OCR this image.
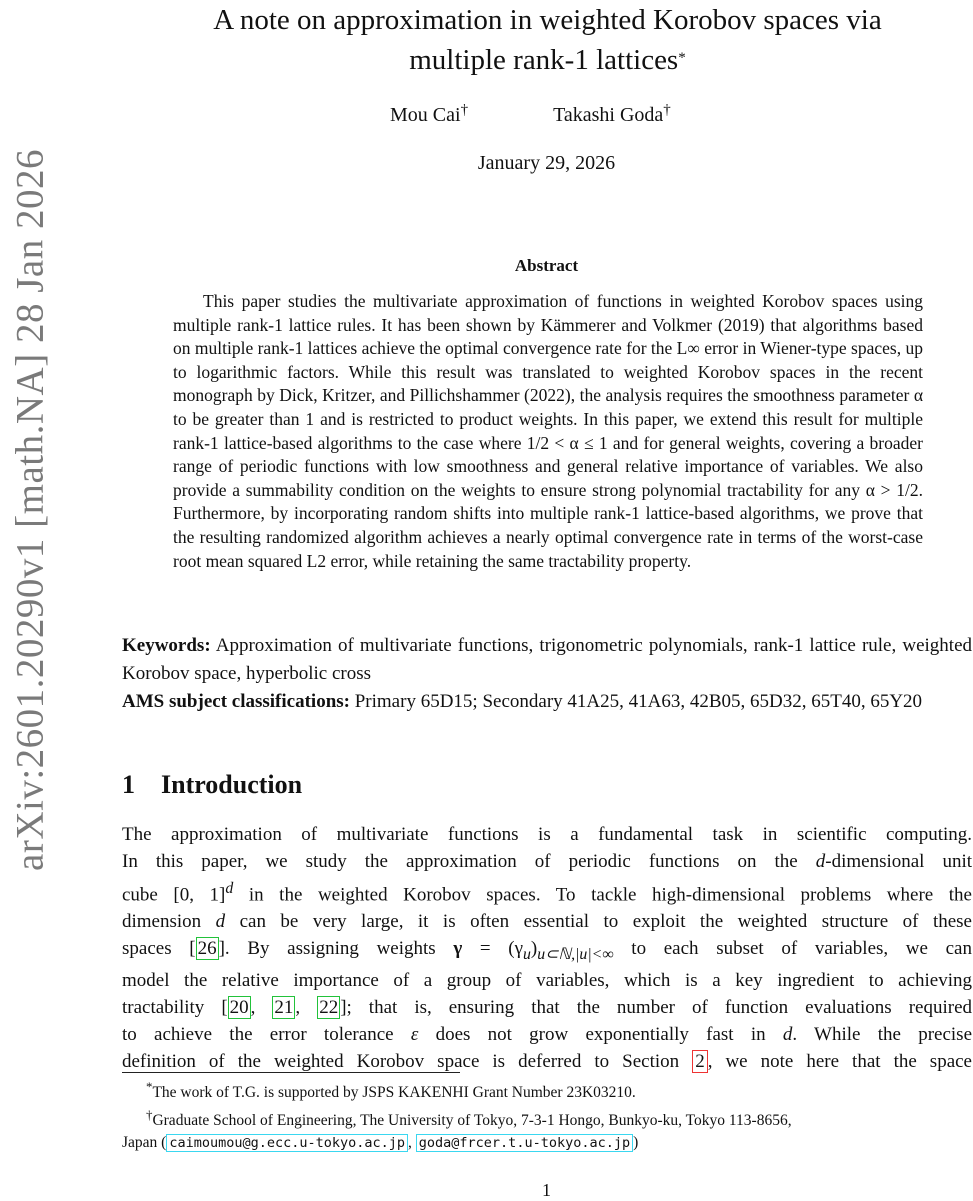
arXiv:2601.20290v1 [math.NA] 28 Jan 2026
A note on approximation in weighted Korobov spaces via
multiple rank-1 lattices*
Mou Cai†	Takashi Goda†
January 29, 2026
Abstract

This paper studies the multivariate approximation of functions in weighted Korobov spaces using multiple rank-1 lattice rules. It has been shown by Kämmerer and Volkmer (2019) that algorithms based on multiple rank-1 lattices achieve the optimal convergence rate for the L∞ error in Wiener-type spaces, up to logarithmic factors. While this result was translated to weighted Korobov spaces in the recent monograph by Dick, Kritzer, and Pillichshammer (2022), the analysis requires the smoothness parameter α to be greater than 1 and is restricted to product weights. In this paper, we extend this result for multiple rank-1 lattice-based algorithms to the case where 1/2 < α ≤ 1 and for general weights, covering a broader range of periodic functions with low smoothness and general relative importance of variables. We also provide a summability condition on the weights to ensure strong polynomial tractability for any α > 1/2. Furthermore, by incorporating random shifts into multiple rank-1 lattice-based algorithms, we prove that the resulting randomized algorithm achieves a nearly optimal convergence rate in terms of the worst-case root mean squared L2 error, while retaining the same tractability property.

Keywords: Approximation of multivariate functions, trigonometric polynomials, rank-1 lattice rule, weighted Korobov space, hyperbolic cross

AMS subject classifications: Primary 65D15; Secondary 41A25, 41A63, 42B05, 65D32, 65T40, 65Y20

1 Introduction
The approximation of multivariate functions is a fundamental task in scientific computing.
In this paper, we study the approximation of periodic functions on the d-dimensional unit
cube [0, 1]$^d$ in the weighted Korobov spaces. To tackle high-dimensional problems where the
dimension d can be very large, it is often essential to exploit the weighted structure of these
spaces [ 26 ]. By assigning weights $\gamma = (\gamma_u)_{u\subset ℕ,|u|<\infty}$ to each subset of variables, we can
model the relative importance of a group of variables, which is a key ingredient to achieving
tractability [ 20 , 21 , 22 ]; that is, ensuring that the number of function evaluations required
to achieve the error tolerance ε does not grow exponentially fast in d. While the precise
definition of the weighted Korobov space is deferred to Section 2 , we note here that the space

*The work of T.G. is supported by JSPS KAKENHI Grant Number 23K03210.

†Graduate School of Engineering, The University of Tokyo, 7-3-1 Hongo, Bunkyo-ku, Tokyo 113-8656,

Japan ( caimoumou@g.ecc.u-tokyo.ac.jp , goda@frcer.t.u-tokyo.ac.jp )

1
